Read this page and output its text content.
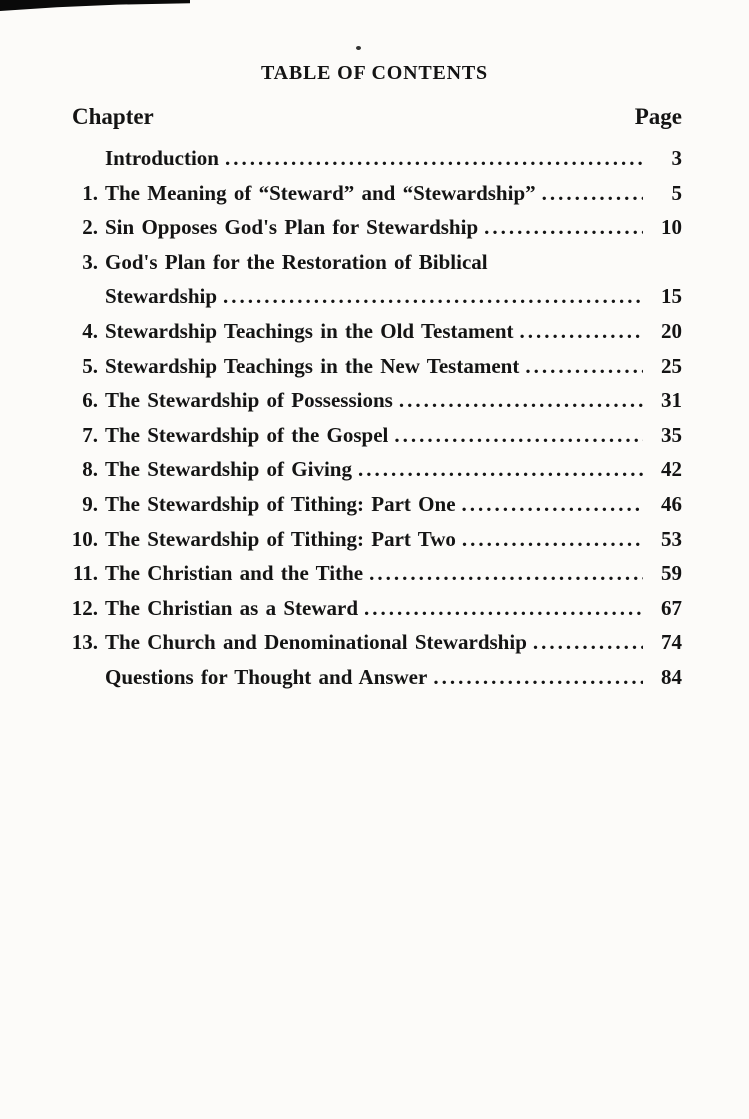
TABLE OF CONTENTS
Chapter	Page
Introduction .....	3
1. The Meaning of “Steward” and “Stewardship” .....	5
2. Sin Opposes God's Plan for Stewardship .....	10
3. God's Plan for the Restoration of Biblical
Stewardship .....	15
4. Stewardship Teachings in the Old Testament .....	20
5. Stewardship Teachings in the New Testament .....	25
6. The Stewardship of Possessions .....	31
7. The Stewardship of the Gospel .....	35
8. The Stewardship of Giving .....	42
9. The Stewardship of Tithing: Part One .....	46
10. The Stewardship of Tithing: Part Two .....	53
11. The Christian and the Tithe .....	59
12. The Christian as a Steward .....	67
13. The Church and Denominational Stewardship .....	74
Questions for Thought and Answer .....	84
